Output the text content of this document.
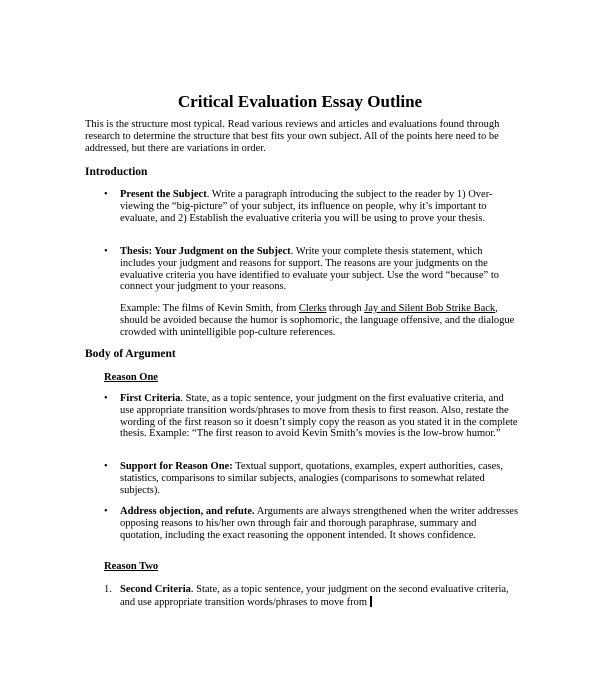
Critical Evaluation Essay Outline
This is the structure most typical. Read various reviews and articles and evaluations found through research to determine the structure that best fits your own subject. All of the points here need to be addressed, but there are variations in order.
Introduction
• Present the Subject. Write a paragraph introducing the subject to the reader by 1) Over-viewing the “big-picture” of your subject, its influence on people, why it’s important to evaluate, and 2) Establish the evaluative criteria you will be using to prove your thesis.
• Thesis: Your Judgment on the Subject. Write your complete thesis statement, which includes your judgment and reasons for support. The reasons are your judgments on the evaluative criteria you have identified to evaluate your subject. Use the word “because” to connect your judgment to your reasons.
Example: The films of Kevin Smith, from Clerks through Jay and Silent Bob Strike Back, should be avoided because the humor is sophomoric, the language offensive, and the dialogue crowded with unintelligible pop-culture references.
Body of Argument
Reason One
• First Criteria. State, as a topic sentence, your judgment on the first evaluative criteria, and use appropriate transition words/phrases to move from thesis to first reason. Also, restate the wording of the first reason so it doesn’t simply copy the reason as you stated it in the complete thesis. Example: “The first reason to avoid Kevin Smith’s movies is the low-brow humor.”
• Support for Reason One: Textual support, quotations, examples, expert authorities, cases, statistics, comparisons to similar subjects, analogies (comparisons to somewhat related subjects).
• Address objection, and refute. Arguments are always strengthened when the writer addresses opposing reasons to his/her own through fair and thorough paraphrase, summary and quotation, including the exact reasoning the opponent intended. It shows confidence.
Reason Two
1. Second Criteria. State, as a topic sentence, your judgment on the second evaluative criteria, and use appropriate transition words/phrases to move from
